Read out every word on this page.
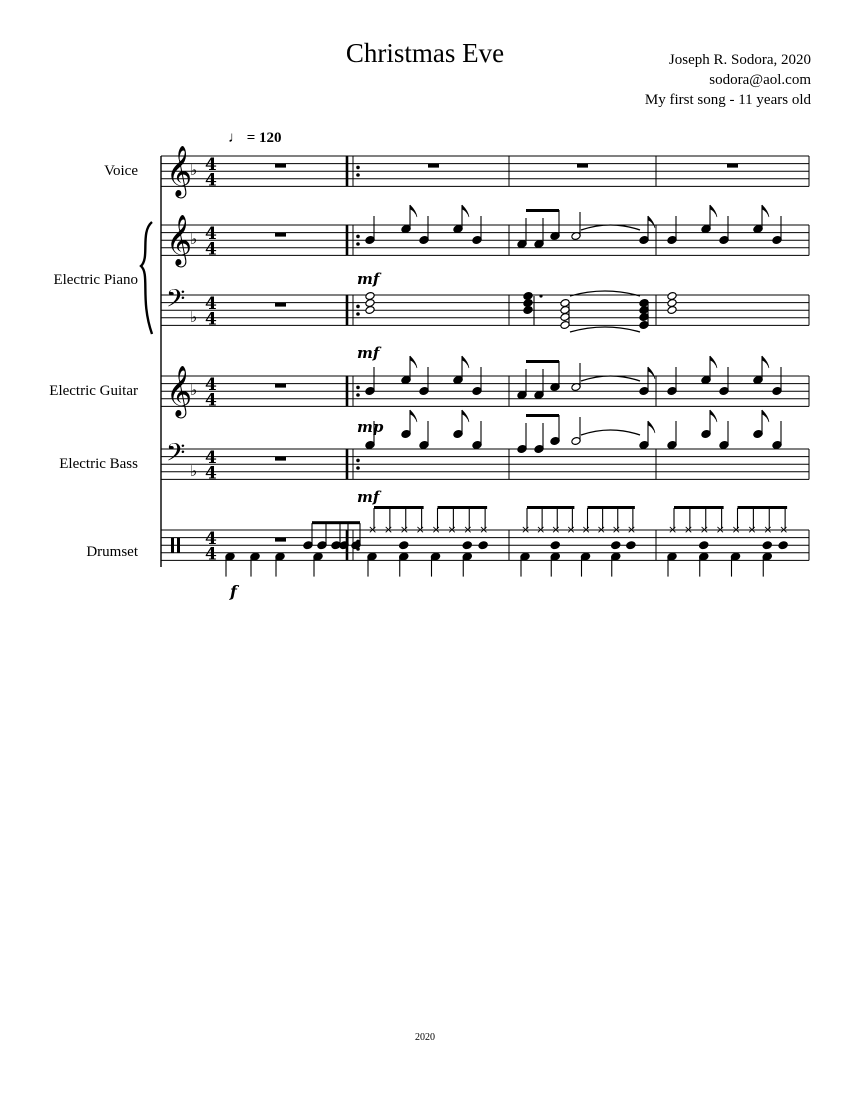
Christmas Eve	Joseph R. Sodora, 2020
sodora@aol.com
My first song - 11 years old
♩ = 120
Voice
Electric Piano
Electric Guitar
Electric Bass
Drumset
mf
mf
mp
mf
f
2020
𝄞
♭ 4
4
𝄞
♭ 4
4
𝄢 ♭
4
4
𝄞
♭ 4
4
𝄢 ♭
4
4
4
4
× × × × × × × ×	× × × × × × × ×	× × × × × × × ×
